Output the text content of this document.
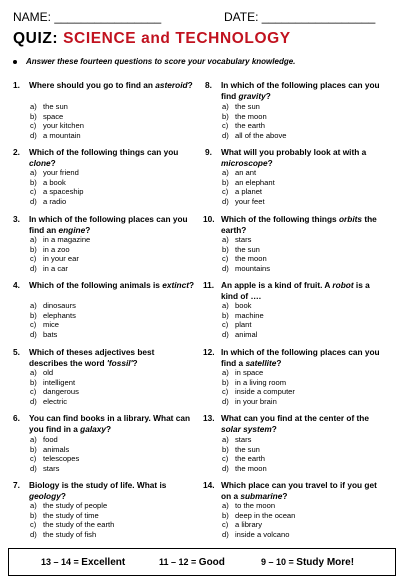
NAME: ________________	DATE: _________________
QUIZ: SCIENCE and TECHNOLOGY
Answer these fourteen questions to score your vocabulary knowledge.
1. Where should you go to find an asteroid?
a) the sun
b) space
c) your kitchen
d) a mountain
2. Which of the following things can you clone?
a) your friend
b) a book
c) a spaceship
d) a radio
3. In which of the following places can you find an engine?
a) in a magazine
b) in a zoo
c) in your ear
d) in a car
4. Which of the following animals is extinct?
a) dinosaurs
b) elephants
c) mice
d) bats
5. Which of theses adjectives best describes the word 'fossil'?
a) old
b) intelligent
c) dangerous
d) electric
6. You can find books in a library. What can you find in a galaxy?
a) food
b) animals
c) telescopes
d) stars
7. Biology is the study of life. What is geology?
a) the study of people
b) the study of time
c) the study of the earth
d) the study of fish
8. In which of the following places can you find gravity?
a) the sun
b) the moon
c) the earth
d) all of the above
9. What will you probably look at with a microscope?
a) an ant
b) an elephant
c) a planet
d) your feet
10. Which of the following things orbits the earth?
a) stars
b) the sun
c) the moon
d) mountains
11. An apple is a kind of fruit. A robot is a kind of ….
a) book
b) machine
c) plant
d) animal
12. In which of the following places can you find a satellite?
a) in space
b) in a living room
c) inside a computer
d) in your brain
13. What can you find at the center of the solar system?
a) stars
b) the sun
c) the earth
d) the moon
14. Which place can you travel to if you get on a submarine?
a) to the moon
b) deep in the ocean
c) a library
d) inside a volcano
13 – 14 = Excellent	11 – 12 = Good	9 – 10 = Study More!
